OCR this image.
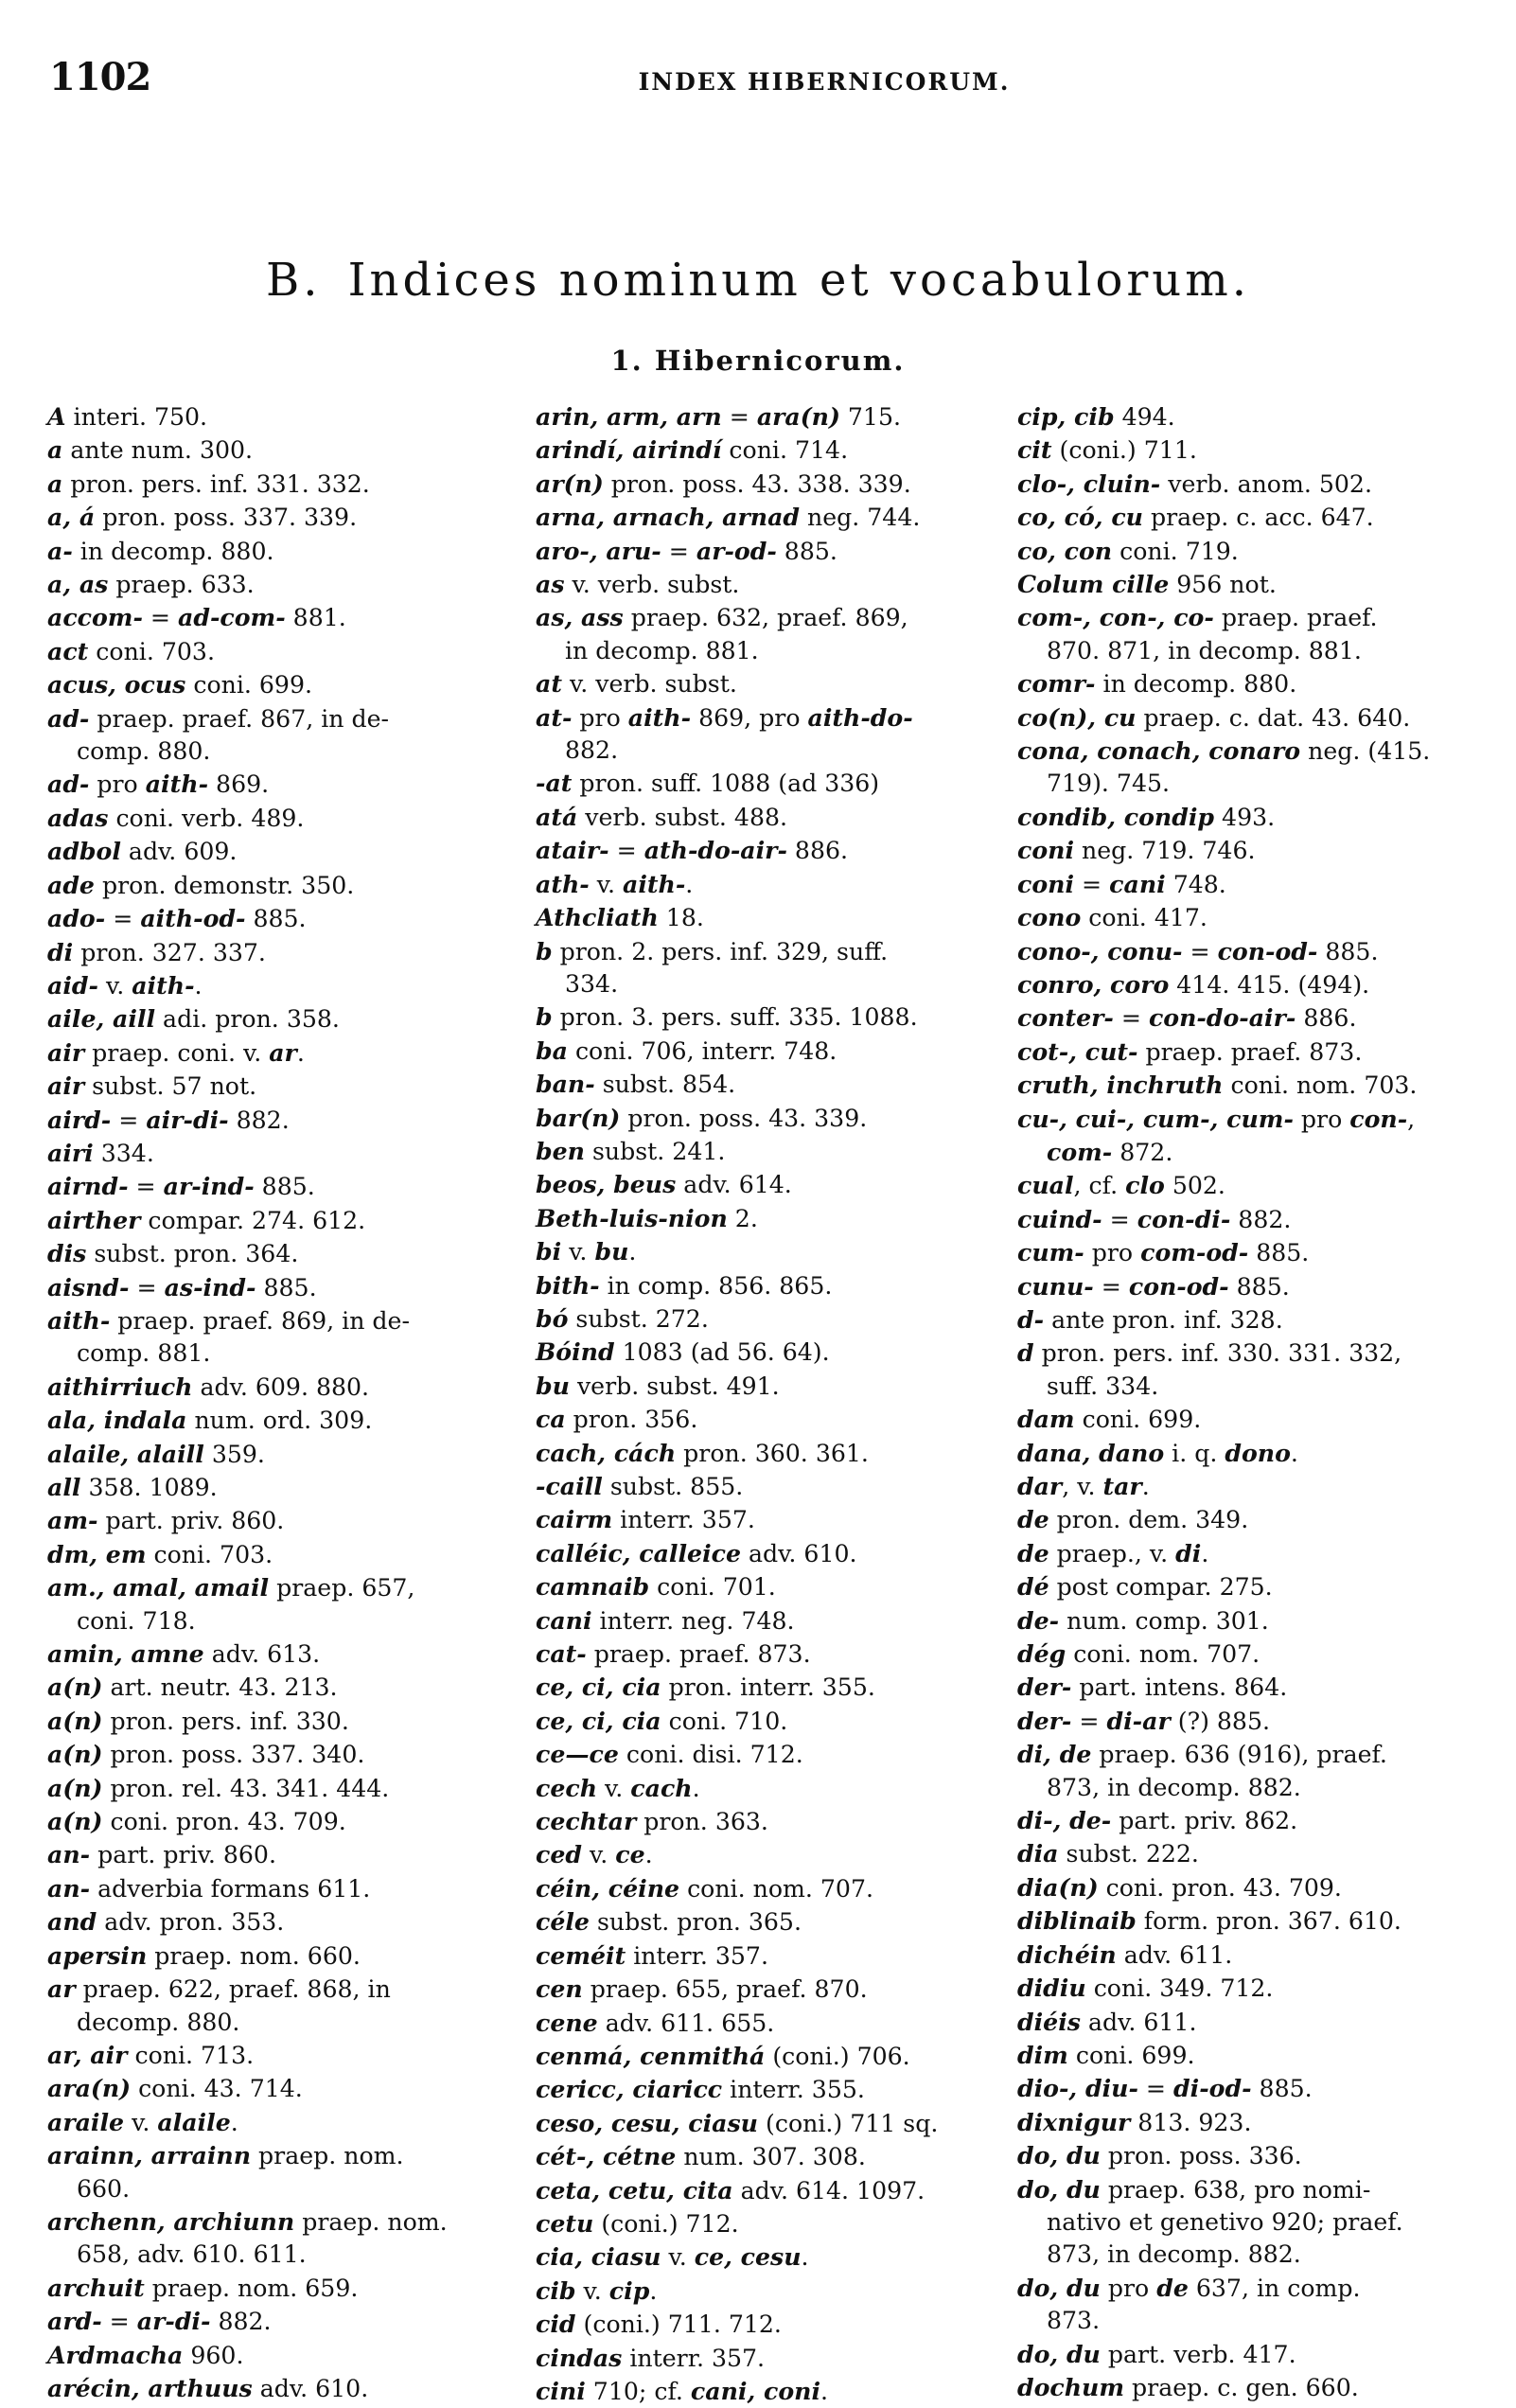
1102	INDEX HIBERNICORUM.
B. Indices nominum et vocabulorum.
1. Hibernicorum.
A interi. 750.
a ante num. 300.
a pron. pers. inf. 331. 332.
a, á pron. poss. 337. 339.
a- in decomp. 880.
a, as praep. 633.
accom- = ad-com- 881.
act coni. 703.
acus, ocus coni. 699.
ad- praep. praef. 867, in de-
comp. 880.
ad- pro aith- 869.
adas coni. verb. 489.
adbol adv. 609.
ade pron. demonstr. 350.
ado- = aith-od- 885.
di pron. 327. 337.
aid- v. aith-.
aile, aill adi. pron. 358.
air praep. coni. v. ar.
air subst. 57 not.
aird- = air-di- 882.
airi 334.
airnd- = ar-ind- 885.
airther compar. 274. 612.
dis subst. pron. 364.
aisnd- = as-ind- 885.
aith- praep. praef. 869, in de-
comp. 881.
aithirriuch adv. 609. 880.
ala, indala num. ord. 309.
alaile, alaill 359.
all 358. 1089.
am- part. priv. 860.
dm, em coni. 703.
am., amal, amail praep. 657,
coni. 718.
amin, amne adv. 613.
a(n) art. neutr. 43. 213.
a(n) pron. pers. inf. 330.
a(n) pron. poss. 337. 340.
a(n) pron. rel. 43. 341. 444.
a(n) coni. pron. 43. 709.
an- part. priv. 860.
an- adverbia formans 611.
and adv. pron. 353.
apersin praep. nom. 660.
ar praep. 622, praef. 868, in
decomp. 880.
ar, air coni. 713.
ara(n) coni. 43. 714.
araile v. alaile.
arainn, arrainn praep. nom.
660.
archenn, archiunn praep. nom.
658, adv. 610. 611.
archuit praep. nom. 659.
ard- = ar-di- 882.
Ardmacha 960.
arécin, arthuus adv. 610.
arin, arm, arn = ara(n) 715.
arindí, airindí coni. 714.
ar(n) pron. poss. 43. 338. 339.
arna, arnach, arnad neg. 744.
aro-, aru- = ar-od- 885.
as v. verb. subst.
as, ass praep. 632, praef. 869,
in decomp. 881.
at v. verb. subst.
at- pro aith- 869, pro aith-do-
882.
-at pron. suff. 1088 (ad 336)
atá verb. subst. 488.
atair- = ath-do-air- 886.
ath- v. aith-.
Athcliath 18.
b pron. 2. pers. inf. 329, suff.
334.
b pron. 3. pers. suff. 335. 1088.
ba coni. 706, interr. 748.
ban- subst. 854.
bar(n) pron. poss. 43. 339.
ben subst. 241.
beos, beus adv. 614.
Beth-luis-nion 2.
bi v. bu.
bith- in comp. 856. 865.
bó subst. 272.
Bóind 1083 (ad 56. 64).
bu verb. subst. 491.
ca pron. 356.
cach, cách pron. 360. 361.
-caill subst. 855.
cairm interr. 357.
calléic, calleice adv. 610.
camnaib coni. 701.
cani interr. neg. 748.
cat- praep. praef. 873.
ce, ci, cia pron. interr. 355.
ce, ci, cia coni. 710.
ce—ce coni. disi. 712.
cech v. cach.
cechtar pron. 363.
ced v. ce.
céin, céine coni. nom. 707.
céle subst. pron. 365.
ceméit interr. 357.
cen praep. 655, praef. 870.
cene adv. 611. 655.
cenmá, cenmithá (coni.) 706.
cericc, ciaricc interr. 355.
ceso, cesu, ciasu (coni.) 711 sq.
cét-, cétne num. 307. 308.
ceta, cetu, cita adv. 614. 1097.
cetu (coni.) 712.
cia, ciasu v. ce, cesu.
cib v. cip.
cid (coni.) 711. 712.
cindas interr. 357.
cini 710; cf. cani, coni.
cip, cib 494.
cit (coni.) 711.
clo-, cluin- verb. anom. 502.
co, có, cu praep. c. acc. 647.
co, con coni. 719.
Colum cille 956 not.
com-, con-, co- praep. praef.
870. 871, in decomp. 881.
comr- in decomp. 880.
co(n), cu praep. c. dat. 43. 640.
cona, conach, conaro neg. (415.
719). 745.
condib, condip 493.
coni neg. 719. 746.
coni = cani 748.
cono coni. 417.
cono-, conu- = con-od- 885.
conro, coro 414. 415. (494).
conter- = con-do-air- 886.
cot-, cut- praep. praef. 873.
cruth, inchruth coni. nom. 703.
cu-, cui-, cum-, cum- pro con-,
com- 872.
cual, cf. clo 502.
cuind- = con-di- 882.
cum- pro com-od- 885.
cunu- = con-od- 885.
d- ante pron. inf. 328.
d pron. pers. inf. 330. 331. 332,
suff. 334.
dam coni. 699.
dana, dano i. q. dono.
dar, v. tar.
de pron. dem. 349.
de praep., v. di.
dé post compar. 275.
de- num. comp. 301.
dég coni. nom. 707.
der- part. intens. 864.
der- = di-ar (?) 885.
di, de praep. 636 (916), praef.
873, in decomp. 882.
di-, de- part. priv. 862.
dia subst. 222.
dia(n) coni. pron. 43. 709.
diblinaib form. pron. 367. 610.
dichéin adv. 611.
didiu coni. 349. 712.
diéis adv. 611.
dim coni. 699.
dio-, diu- = di-od- 885.
dixnigur 813. 923.
do, du pron. poss. 336.
do, du praep. 638, pro nomi-
nativo et genetivo 920; praef.
873, in decomp. 882.
do, du pro de 637, in comp.
873.
do, du part. verb. 417.
dochum praep. c. gen. 660.
